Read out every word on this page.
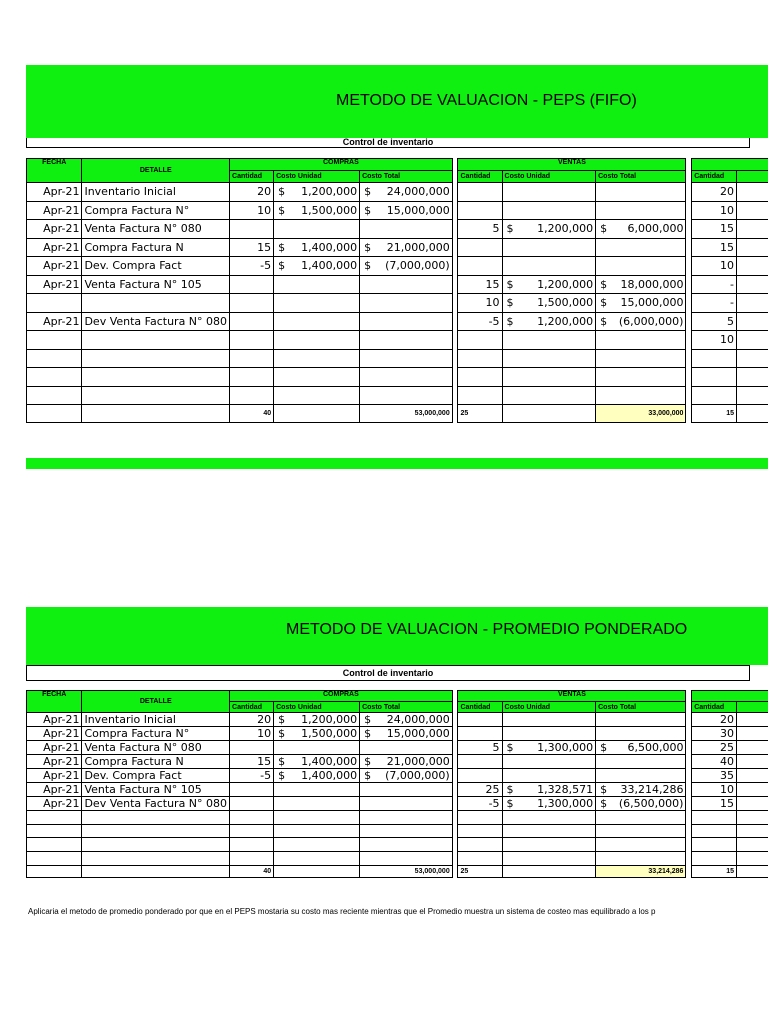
METODO DE VALUACION - PEPS (FIFO)
Control de inventario
FECHA	DETALLE	COMPRAS				VENTAS					
		Cantidad	Costo Unidad	Costo Total		Cantidad	Costo Unidad	Costo Total		Cantidad	
Apr-21	Inventario Inicial	20	$ 1,200,000	$ 24,000,000						20	
Apr-21	Compra Factura N°	10	$ 1,500,000	$ 15,000,000						10	
Apr-21	Venta Factura N° 080					5	$ 1,200,000	$ 6,000,000		15	
Apr-21	Compra Factura N	15	$ 1,400,000	$ 21,000,000						15	
Apr-21	Dev. Compra Fact	-5	$ 1,400,000	$ (7,000,000)						10	
Apr-21	Venta Factura N° 105					15	$ 1,200,000	$ 18,000,000		-	
						10	$ 1,500,000	$ 15,000,000		-	
Apr-21	Dev Venta Factura N° 080					-5	$ 1,200,000	$ (6,000,000)		5	
										10	

		40		53,000,000		25		33,000,000		15	
METODO DE VALUACION - PROMEDIO PONDERADO
Control de inventario
FECHA	DETALLE	COMPRAS				VENTAS					
		Cantidad	Costo Unidad	Costo Total		Cantidad	Costo Unidad	Costo Total		Cantidad	
Apr-21	Inventario Inicial	20	$ 1,200,000	$ 24,000,000						20	
Apr-21	Compra Factura N°	10	$ 1,500,000	$ 15,000,000						30	
Apr-21	Venta Factura N° 080					5	$ 1,300,000	$ 6,500,000		25	
Apr-21	Compra Factura N	15	$ 1,400,000	$ 21,000,000						40	
Apr-21	Dev. Compra Fact	-5	$ 1,400,000	$ (7,000,000)						35	
Apr-21	Venta Factura N° 105					25	$ 1,328,571	$ 33,214,286		10	
Apr-21	Dev Venta Factura N° 080					-5	$ 1,300,000	$ (6,500,000)		15	

		40		53,000,000		25		33,214,286		15	
Aplicaria el metodo de promedio ponderado por que en el PEPS mostaria su costo mas reciente mientras que el Promedio muestra un sistema de costeo mas equilibrado a los p
